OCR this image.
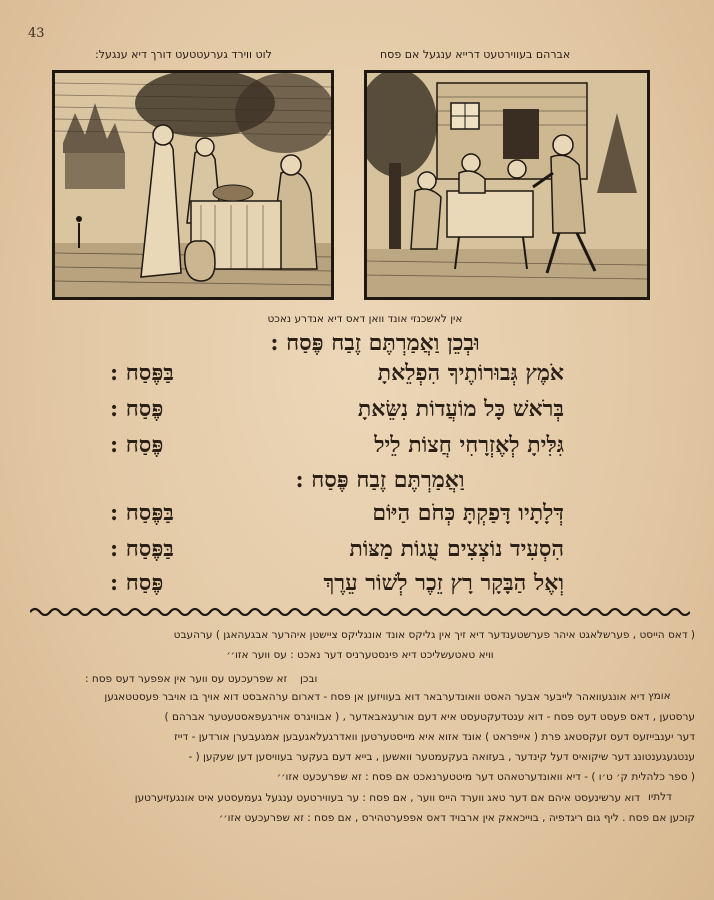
43
לוט ווירד גערעטטעט דורך דיא ענגעל:	אברהם בעווירטעט דרייא ענגעל אם פסח
אין לאשכנזי אונד וואן דאס דיא אנדרע נאכט
וּבְכֵן וַאֲמַרְתֶּם זֶבַח פֶּסַח :
אֹמֶץ גְּבוּרוֹתֶיךָ הִפְלֵאתָ
בַּפֶּסַח :
בְּרֹאשׁ כָּל מוֹעֲדוֹת נִשֵּׂאתָ
פֶּסַח :
גִּלִּיתָ לְאֶזְרָחִי חֲצוֹת לֵיל
פֶּסַח :
וַאֲמַרְתֶּם זֶבַח פֶּסַח :
דְּלָתָיו דָּפַקְתָּ כְּחֹם הַיּוֹם
בַּפֶּסַח :
הִסְעִיד נוֹצְצִים עֻגוֹת מַצּוֹת
בַּפֶּסַח :
וְאֶל הַבָּקָר רָץ זֵכֶר לְשׁוֹר עֵרֶךְ
פֶּסַח :
( דאס הייסט , פערשלאגט איהר פערשטענדער דיא זיך אין גליקס אונד אונגליקס ציישטן איהרער אבגעהאגן ) ערהעבט
וויא טאטעשליכט דיא פינסטערניס דער נאכט : עס ווער אזו׳׳
ובכן
זא שפרעכעט עס ווער אין אפפער דעס פסח :
אומץ
דיא אונגעוואהר לייבער אבער האסט וואונדערבאר דוא בעוויזען אן פסח - דארום ערהאבסט דוא אויך בו אויבר פעסטטאגען
ערסטען , דאס פעסט דעס פסח - דוא ענטדעקטעסט איא דעם אורעגאבאדער , ( אבוויגרס אוירגעפאסטעטער אברהם )
דער יענבייזעס דעס זעקסטאג פרת ( אייפראט ) אונד אזוא איא מייסטערטען וואדרגעלאגעבען אמגעבערן אורדען - דייז
ענטגעגענטונג דער שיקואיס דעל קינדער , בעזואה בעקעמטער וואשען , בייא דעם בעקער בעוויסען דען שעקען ( -
( ספר כלהלית ק׳ ט׳ו ) - דיא וואונדערטאהט דער מיטטערנאכט אם פסח : זא שפרעכעט אזו׳׳
דלתיו
דוא ערשינעסט איהם אם דער טאג ווערד הייס ווער , אם פסח : ער בעווירטעט ענגעל געמעסטע איט אונגעזיערטען
קוכען אם פסח . ליף גום ריגדפיה , בוייכאאק אין ארבויד דאס אפפערטהירס , אם פסח : זא שפרעכעט אזו׳׳
